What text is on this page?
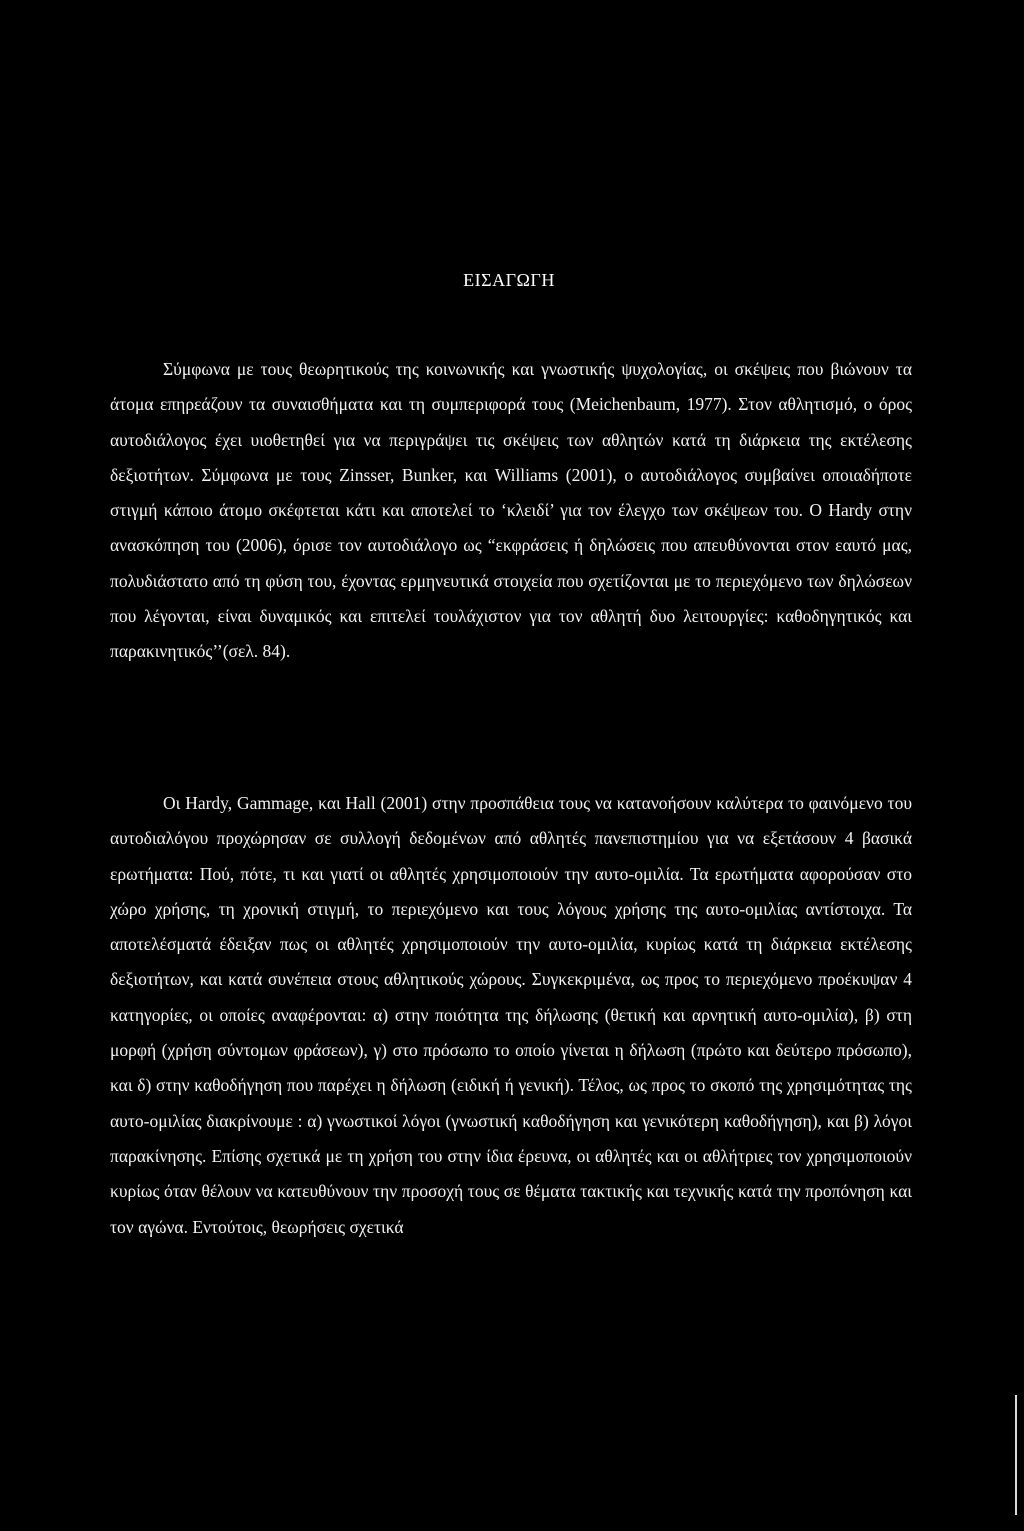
ΕΙΣΑΓΩΓΗ

Σύμφωνα με τους θεωρητικούς της κοινωνικής και γνωστικής ψυχολογίας, οι σκέψεις που βιώνουν τα άτομα επηρεάζουν τα συναισθήματα και τη συμπεριφορά τους (Meichenbaum, 1977). Στον αθλητισμό, ο όρος αυτοδιάλογος έχει υιοθετηθεί για να περιγράψει τις σκέψεις των αθλητών κατά τη διάρκεια της εκτέλεσης δεξιοτήτων. Σύμφωνα με τους Zinsser, Bunker, και Williams (2001), ο αυτοδιάλογος συμβαίνει οποιαδήποτε στιγμή κάποιο άτομο σκέφτεται κάτι και αποτελεί το ‘κλειδί’ για τον έλεγχο των σκέψεων του. Ο Hardy στην ανασκόπηση του (2006), όρισε τον αυτοδιάλογο ως “εκφράσεις ή δηλώσεις που απευθύνονται στον εαυτό μας, πολυδιάστατο από τη φύση του, έχοντας ερμηνευτικά στοιχεία που σχετίζονται με το περιεχόμενο των δηλώσεων που λέγονται, είναι δυναμικός και επιτελεί τουλάχιστον για τον αθλητή δυο λειτουργίες: καθοδηγητικός και παρακινητικός’’(σελ. 84).

Οι Hardy, Gammage, και Hall (2001) στην προσπάθεια τους να κατανοήσουν καλύτερα το φαινόμενο του αυτοδιαλόγου προχώρησαν σε συλλογή δεδομένων από αθλητές πανεπιστημίου για να εξετάσουν 4 βασικά ερωτήματα: Πού, πότε, τι και γιατί οι αθλητές χρησιμοποιούν την αυτο-ομιλία. Τα ερωτήματα αφορούσαν στο χώρο χρήσης, τη χρονική στιγμή, το περιεχόμενο και τους λόγους χρήσης της αυτο-ομιλίας αντίστοιχα. Τα αποτελέσματά έδειξαν πως οι αθλητές χρησιμοποιούν την αυτο-ομιλία, κυρίως κατά τη διάρκεια εκτέλεσης δεξιοτήτων, και κατά συνέπεια στους αθλητικούς χώρους. Συγκεκριμένα, ως προς το περιεχόμενο προέκυψαν 4 κατηγορίες, οι οποίες αναφέρονται: α) στην ποιότητα της δήλωσης (θετική και αρνητική αυτο-ομιλία), β) στη μορφή (χρήση σύντομων φράσεων), γ) στο πρόσωπο το οποίο γίνεται η δήλωση (πρώτο και δεύτερο πρόσωπο), και δ) στην καθοδήγηση που παρέχει η δήλωση (ειδική ή γενική). Τέλος, ως προς το σκοπό της χρησιμότητας της αυτο-ομιλίας διακρίνουμε : α) γνωστικοί λόγοι (γνωστική καθοδήγηση και γενικότερη καθοδήγηση), και β) λόγοι παρακίνησης. Επίσης σχετικά με τη χρήση του στην ίδια έρευνα, οι αθλητές και οι αθλήτριες τον χρησιμοποιούν κυρίως όταν θέλουν να κατευθύνουν την προσοχή τους σε θέματα τακτικής και τεχνικής κατά την προπόνηση και τον αγώνα. Εντούτοις, θεωρήσεις σχετικά
